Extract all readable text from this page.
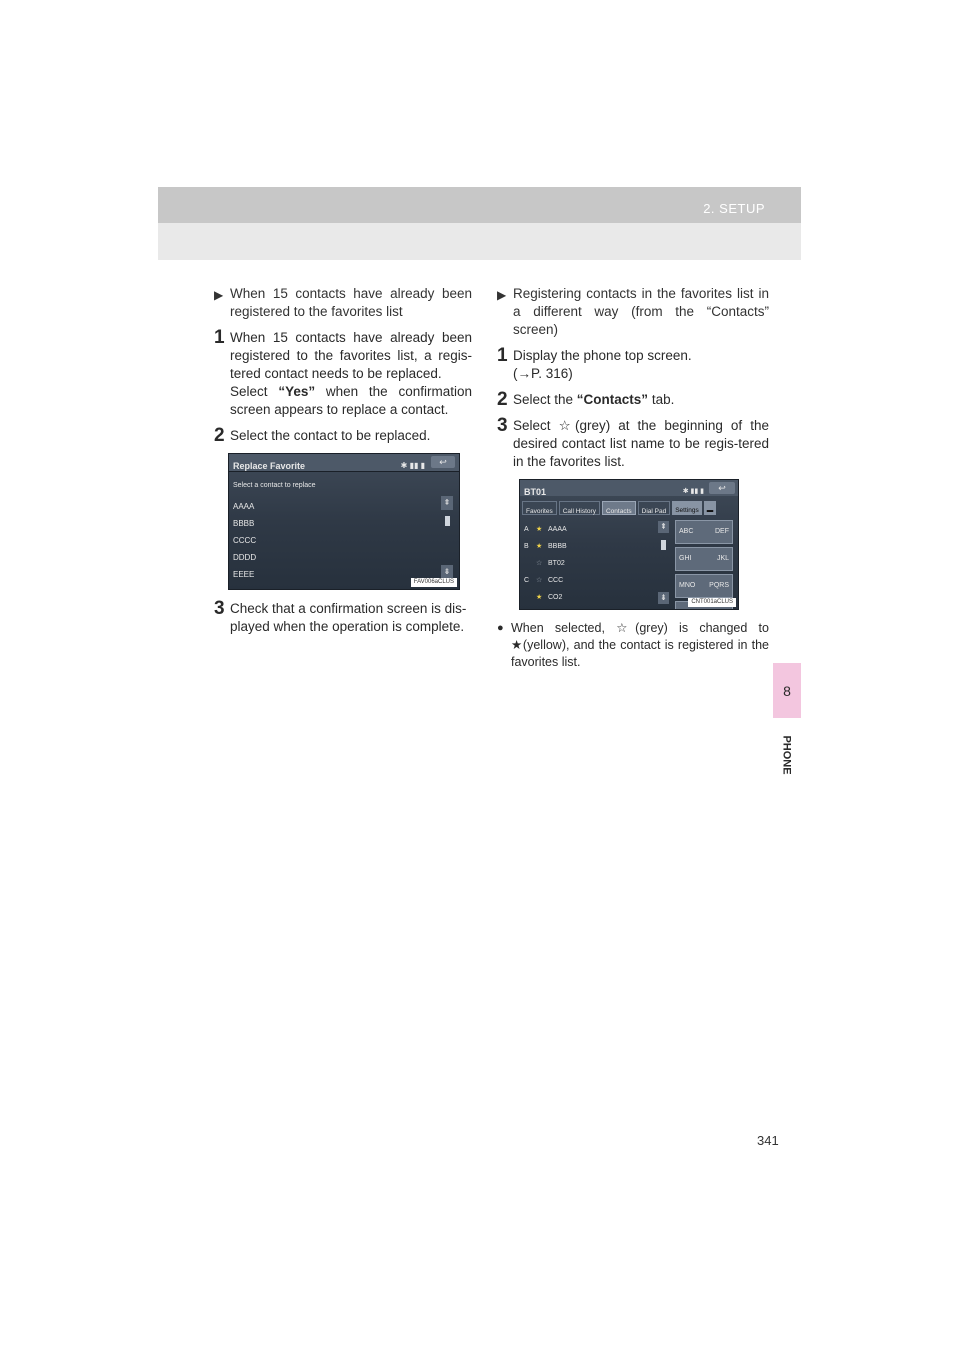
2. SETUP
8
PHONE
▶ When 15 contacts have already been registered to the favorites list
1 When 15 contacts have already been registered to the favorites list, a regis-tered contact needs to be replaced.
Select “Yes” when the confirmation screen appears to replace a contact.
2 Select the contact to be replaced.
Replace Favorite	✱ ▮▮ ▮	↩
Select a contact to replace
AAAA
BBBB
CCCC
DDDD
EEEE
⇞
⇟
FAV006aCLUS
3 Check that a confirmation screen is dis-played when the operation is complete.
▶ Registering contacts in the favorites list in a different way (from the “Contacts” screen)
1 Display the phone top screen.
(→P. 316)
2 Select the “Contacts” tab.
3 Select ☆(grey) at the beginning of the desired contact list name to be regis-tered in the favorites list.
BT01	✱ ▮▮ ▮	↩
Favorites	Call History	Contacts	Dial Pad	Settings	▬
A	★ AAAA
B	★ BBBB
☆ BT02
C ☆ CCC
★ CO2
⇞
⇟
ABC	DEF
GHI	JKL
MNO PQRS
CNT001aCLUS
● When selected, ☆(grey) is changed to ★(yellow), and the contact is registered in the favorites list.
341
